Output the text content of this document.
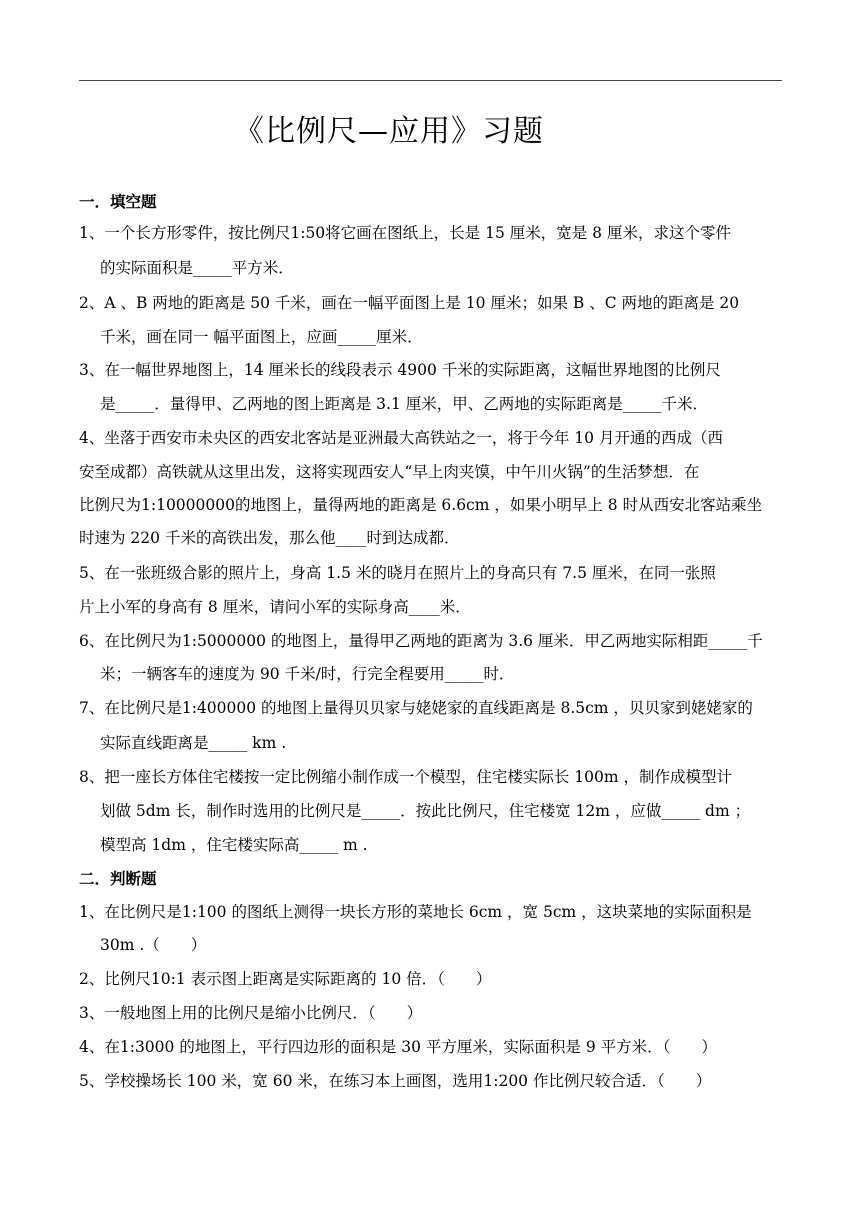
《比例尺—应用》习题
一．填空题
1、一个长方形零件，按比例尺1:50将它画在图纸上，长是 15 厘米，宽是 8 厘米，求这个零件
的实际面积是_____平方米．
2、A 、B 两地的距离是 50 千米，画在一幅平面图上是 10 厘米；如果 B 、C 两地的距离是 20
千米，画在同一 幅平面图上，应画_____厘米．
3、在一幅世界地图上，14 厘米长的线段表示 4900 千米的实际距离，这幅世界地图的比例尺
是_____．量得甲、乙两地的图上距离是 3.1 厘米，甲、乙两地的实际距离是_____千米．
4、坐落于西安市未央区的西安北客站是亚洲最大高铁站之一，将于今年 10 月开通的西成（西
安至成都）高铁就从这里出发，这将实现西安人“早上肉夹馍，中午川火锅”的生活梦想．在
比例尺为1:10000000的地图上，量得两地的距离是 6.6cm ，如果小明早上 8 时从西安北客站乘坐
时速为 220 千米的高铁出发，那么他____时到达成都．
5、在一张班级合影的照片上，身高 1.5 米的晓月在照片上的身高只有 7.5 厘米，在同一张照
片上小军的身高有 8 厘米，请问小军的实际身高____米．
6、在比例尺为1:5000000 的地图上，量得甲乙两地的距离为 3.6 厘米．甲乙两地实际相距_____千
米；一辆客车的速度为 90 千米/时，行完全程要用_____时．
7、在比例尺是1:400000 的地图上量得贝贝家与姥姥家的直线距离是 8.5cm ，贝贝家到姥姥家的
实际直线距离是_____ km .
8、把一座长方体住宅楼按一定比例缩小制作成一个模型，住宅楼实际长 100m ，制作成模型计
划做 5dm 长，制作时选用的比例尺是_____．按此比例尺，住宅楼宽 12m ，应做_____ dm ；
模型高 1dm ，住宅楼实际高_____ m .
二．判断题
1、在比例尺是1:100 的图纸上测得一块长方形的菜地长 6cm ，宽 5cm ，这块菜地的实际面积是
30m .（　　）
2、比例尺10:1 表示图上距离是实际距离的 10 倍．（　　）
3、一般地图上用的比例尺是缩小比例尺．（　　）
4、在1:3000 的地图上，平行四边形的面积是 30 平方厘米，实际面积是 9 平方米．（　　）
5、学校操场长 100 米，宽 60 米，在练习本上画图，选用1:200 作比例尺较合适．（　　）
